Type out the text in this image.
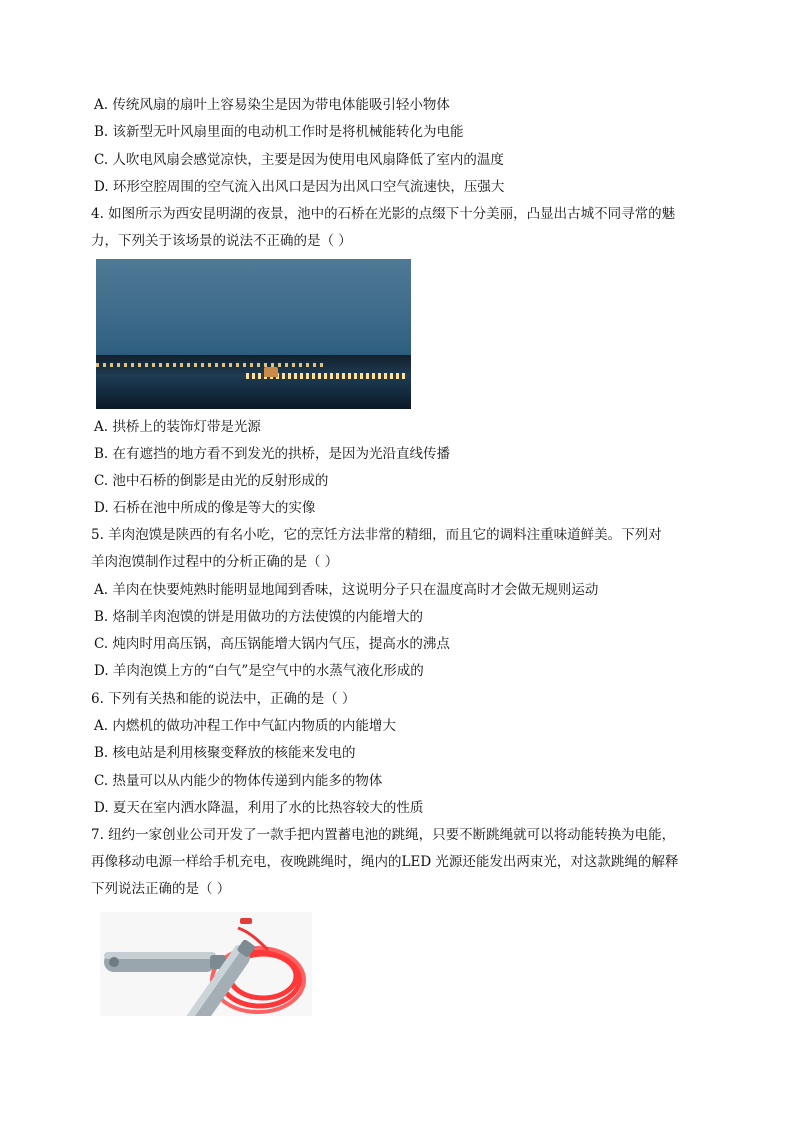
A. 传统风扇的扇叶上容易染尘是因为带电体能吸引轻小物体
B. 该新型无叶风扇里面的电动机工作时是将机械能转化为电能
C. 人吹电风扇会感觉凉快，主要是因为使用电风扇降低了室内的温度
D. 环形空腔周围的空气流入出风口是因为出风口空气流速快，压强大
4. 如图所示为西安昆明湖的夜景，池中的石桥在光影的点缀下十分美丽，凸显出古城不同寻常的魅
力，下列关于该场景的说法不正确的是（ ）
A. 拱桥上的装饰灯带是光源
B. 在有遮挡的地方看不到发光的拱桥，是因为光沿直线传播
C. 池中石桥的倒影是由光的反射形成的
D. 石桥在池中所成的像是等大的实像
5. 羊肉泡馍是陕西的有名小吃，它的烹饪方法非常的精细，而且它的调料注重味道鲜美。下列对
羊肉泡馍制作过程中的分析正确的是（ ）
A. 羊肉在快要炖熟时能明显地闻到香味，这说明分子只在温度高时才会做无规则运动
B. 烙制羊肉泡馍的饼是用做功的方法使馍的内能增大的
C. 炖肉时用高压锅，高压锅能增大锅内气压，提高水的沸点
D. 羊肉泡馍上方的“白气”是空气中的水蒸气液化形成的
6. 下列有关热和能的说法中，正确的是（ ）
A. 内燃机的做功冲程工作中气缸内物质的内能增大
B. 核电站是利用核聚变释放的核能来发电的
C. 热量可以从内能少的物体传递到内能多的物体
D. 夏天在室内洒水降温，利用了水的比热容较大的性质
7. 纽约一家创业公司开发了一款手把内置蓄电池的跳绳，只要不断跳绳就可以将动能转换为电能，
再像移动电源一样给手机充电，夜晚跳绳时，绳内的LED 光源还能发出两束光，对这款跳绳的解释
下列说法正确的是（ ）
